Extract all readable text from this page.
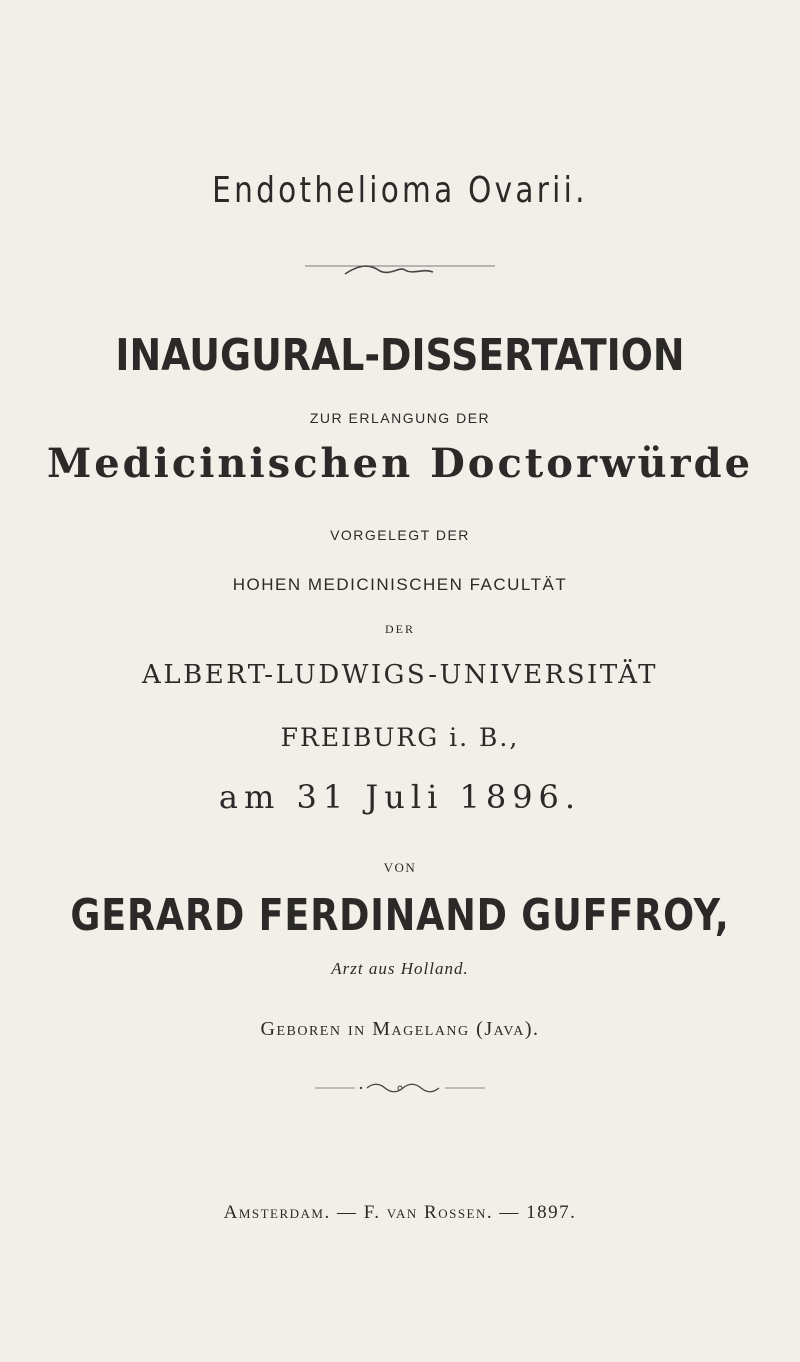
Endothelioma Ovarii.
INAUGURAL-DISSERTATION
ZUR ERLANGUNG DER
Medicinischen Doctorwürde
VORGELEGT DER
HOHEN MEDICINISCHEN FACULTÄT
DER
ALBERT-LUDWIGS-UNIVERSITÄT
FREIBURG i. B.,
am 31 Juli 1896.
VON
GERARD FERDINAND GUFFROY,
Arzt aus Holland.
Geboren in Magelang (Java).
Amsterdam. — F. van Rossen. — 1897.
